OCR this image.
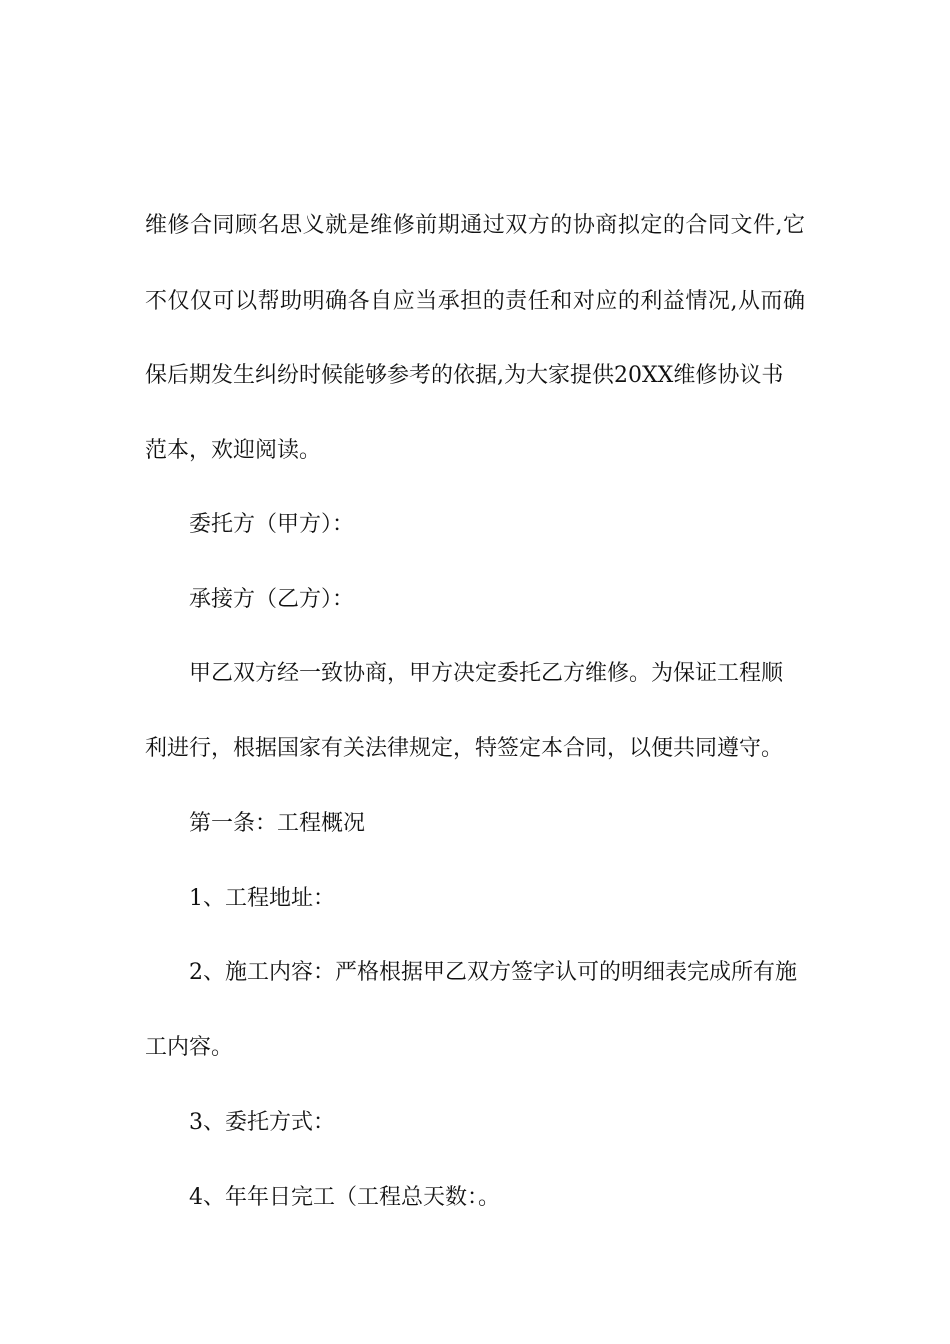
维修合同顾名思义就是维修前期通过双方的协商拟定的合同文件,它
不仅仅可以帮助明确各自应当承担的责任和对应的利益情况,从而确
保后期发生纠纷时候能够参考的依据,为大家提供20XX维修协议书
范本，欢迎阅读。
委托方（甲方）：
承接方（乙方）：
甲乙双方经一致协商，甲方决定委托乙方维修。为保证工程顺
利进行，根据国家有关法律规定，特签定本合同，以便共同遵守。
第一条：工程概况
1、工程地址：
2、施工内容：严格根据甲乙双方签字认可的明细表完成所有施
工内容。
3、委托方式：
4、年年日完工（工程总天数：。
